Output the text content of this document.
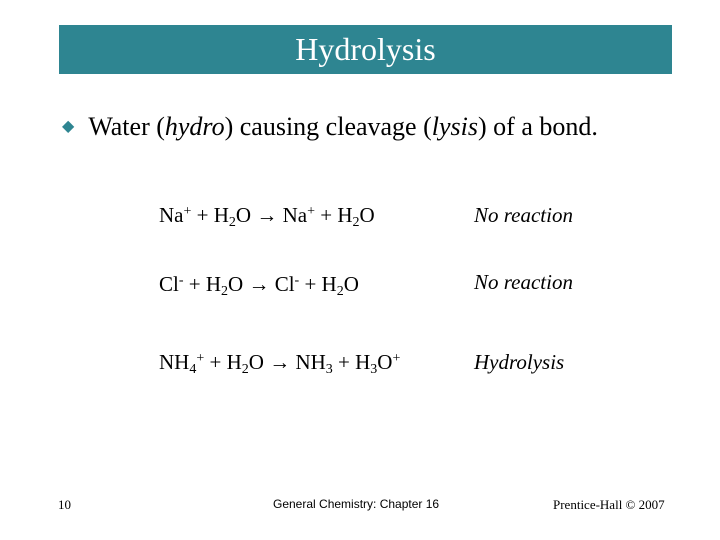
Hydrolysis
◆ Water (hydro) causing cleavage (lysis) of a bond.
$Na^+ + H_2O \to Na^+ + H_2O$	No reaction
$Cl^- + H_2O \to Cl^- + H_2O$	No reaction
$NH_4^+ + H_2O \to NH_3 + H_3O^+$	Hydrolysis
10	General Chemistry: Chapter 16	Prentice-Hall © 2007
